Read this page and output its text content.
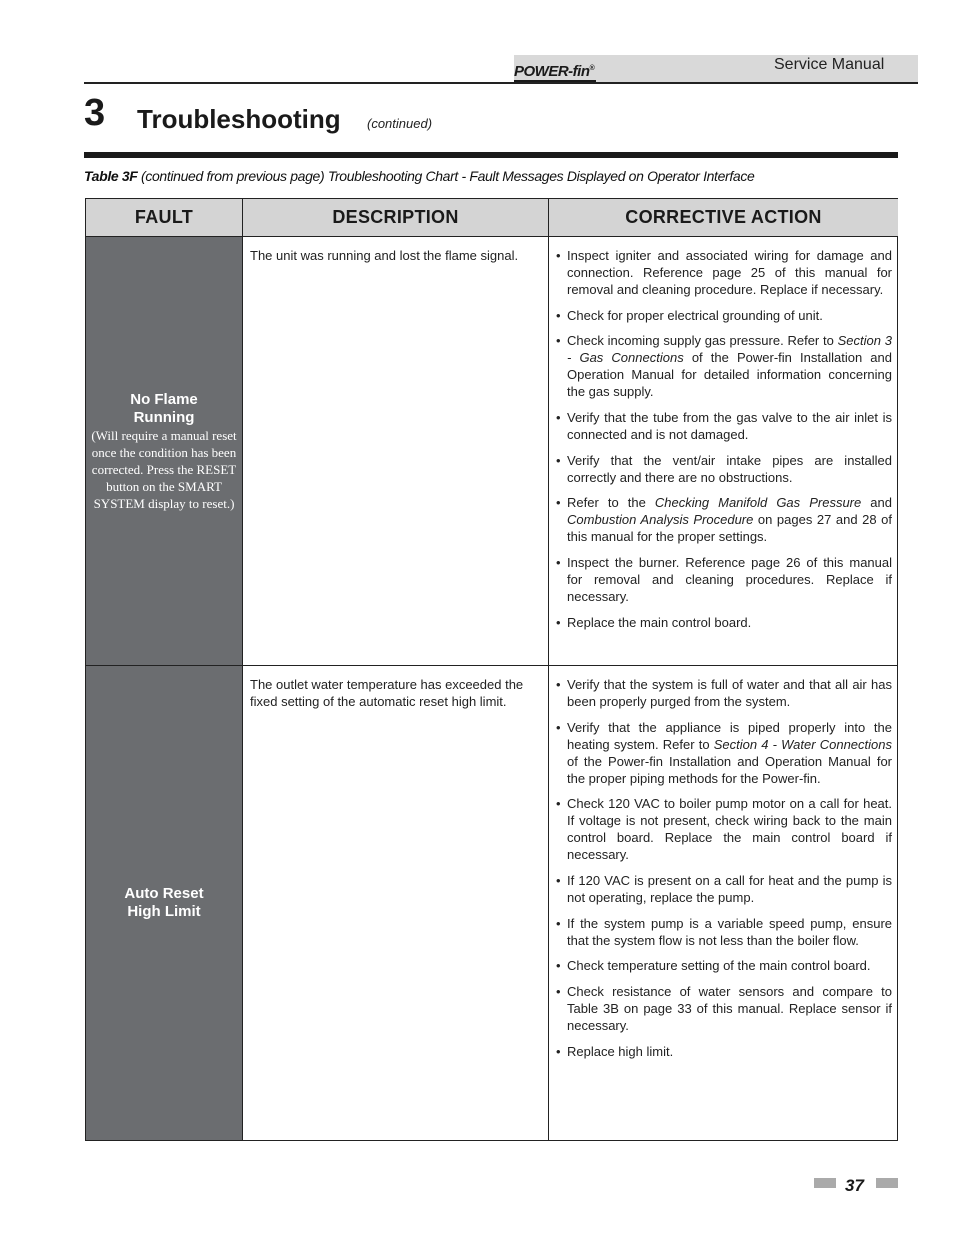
POWER-fin®	Service Manual
3 Troubleshooting (continued)
Table 3F (continued from previous page) Troubleshooting Chart - Fault Messages Displayed on Operator Interface
FAULT	DESCRIPTION	CORRECTIVE ACTION
No Flame
Running
(Will require a manual reset once the condition has been corrected. Press the RESET button on the SMART SYSTEM display to reset.)
The unit was running and lost the flame signal.
•	Inspect igniter and associated wiring for damage and connection. Reference page 25 of this manual for removal and cleaning procedure. Replace if necessary.
• Check for proper electrical grounding of unit.
• Check incoming supply gas pressure. Refer to Section 3 - Gas Connections of the Power-fin Installation and Operation Manual for detailed information concerning the gas supply.
• Verify that the tube from the gas valve to the air inlet is connected and is not damaged.
• Verify that the vent/air intake pipes are installed correctly and there are no obstructions.
• Refer to the Checking Manifold Gas Pressure and Combustion Analysis Procedure on pages 27 and 28 of this manual for the proper settings.
• Inspect the burner. Reference page 26 of this manual for removal and cleaning procedures. Replace if necessary.
• Replace the main control board.
Auto Reset
High Limit
The outlet water temperature has exceeded the fixed setting of the automatic reset high limit.
• Verify that the system is full of water and that all air has been properly purged from the system.
• Verify that the appliance is piped properly into the heating system. Refer to Section 4 - Water Connections of the Power-fin Installation and Operation Manual for the proper piping methods for the Power-fin.
• Check 120 VAC to boiler pump motor on a call for heat. If voltage is not present, check wiring back to the main control board. Replace the main control board if necessary.
• If 120 VAC is present on a call for heat and the pump is not operating, replace the pump.
• If the system pump is a variable speed pump, ensure that the system flow is not less than the boiler flow.
• Check temperature setting of the main control board.
• Check resistance of water sensors and compare to Table 3B on page 33 of this manual. Replace sensor if necessary.
• Replace high limit.
37
